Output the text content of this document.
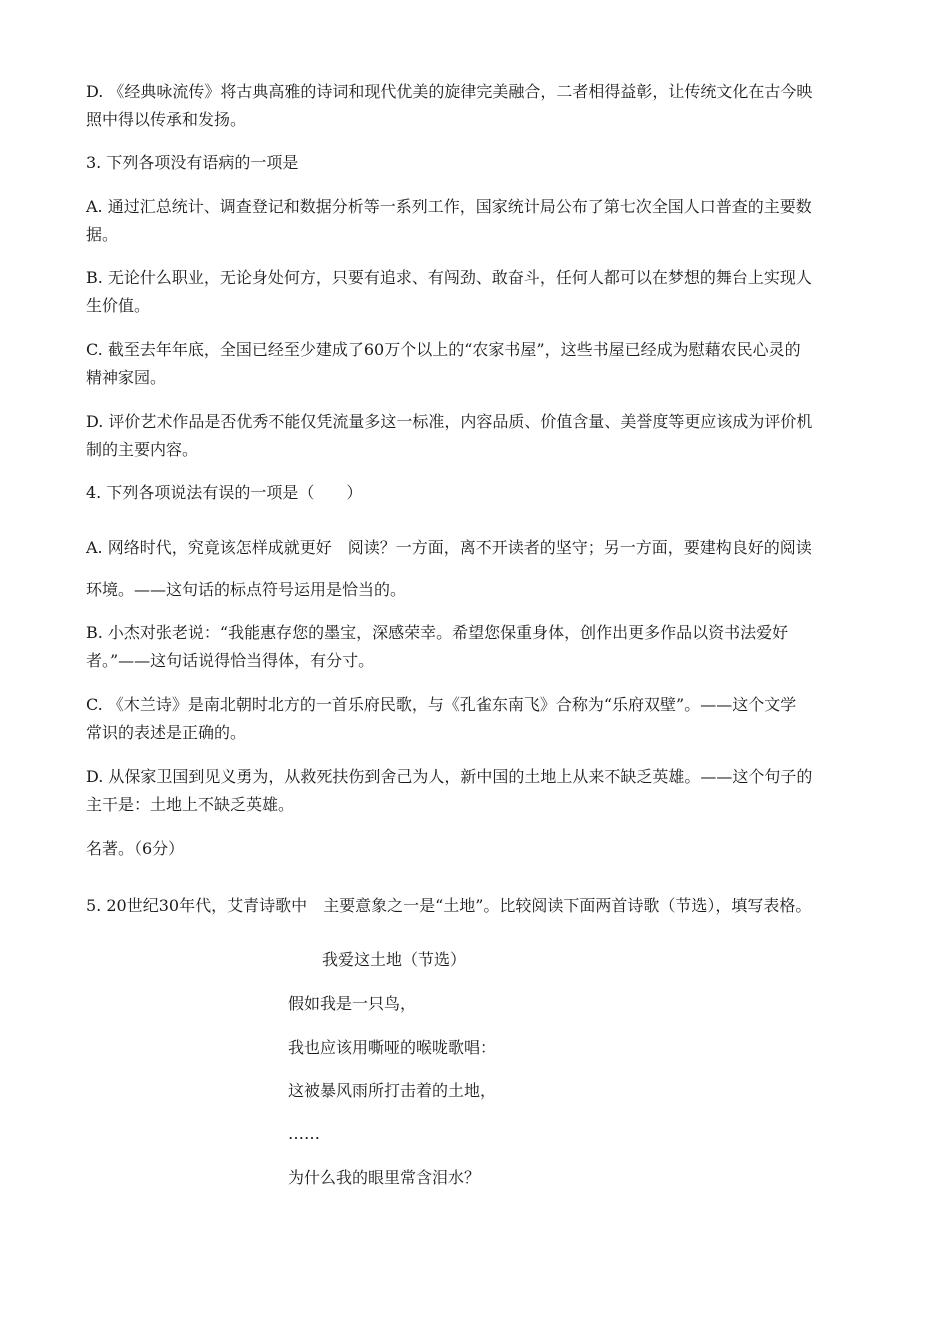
D. 《经典咏流传》将古典高雅的诗词和现代优美的旋律完美融合，二者相得益彰，让传统文化在古今映
照中得以传承和发扬。

3. 下列各项没有语病的一项是

A. 通过汇总统计、调查登记和数据分析等一系列工作，国家统计局公布了第七次全国人口普查的主要数
据。

B. 无论什么职业，无论身处何方，只要有追求、有闯劲、敢奋斗，任何人都可以在梦想的舞台上实现人
生价值。

C. 截至去年年底，全国已经至少建成了60万个以上的“农家书屋”，这些书屋已经成为慰藉农民心灵的
精神家园。

D. 评价艺术作品是否优秀不能仅凭流量多这一标准，内容品质、价值含量、美誉度等更应该成为评价机
制的主要内容。

4. 下列各项说法有误的一项是（　　）

A. 网络时代，究竟该怎样成就更好　阅读？一方面，离不开读者的坚守；另一方面，要建构良好的阅读

环境。——这句话的标点符号运用是恰当的。

B. 小杰对张老说：“我能惠存您的墨宝，深感荣幸。希望您保重身体，创作出更多作品以资书法爱好
者。”——这句话说得恰当得体，有分寸。

C. 《木兰诗》是南北朝时北方的一首乐府民歌，与《孔雀东南飞》合称为“乐府双壁”。——这个文学
常识的表述是正确的。

D. 从保家卫国到见义勇为，从救死扶伤到舍己为人，新中国的土地上从来不缺乏英雄。——这个句子的
主干是：土地上不缺乏英雄。

名著。（6分）

5. 20世纪30年代，艾青诗歌中　主要意象之一是“土地”。比较阅读下面两首诗歌（节选），填写表格。

我爱这土地（节选）

假如我是一只鸟，

我也应该用嘶哑的喉咙歌唱：

这被暴风雨所打击着的土地，

……

为什么我的眼里常含泪水？
